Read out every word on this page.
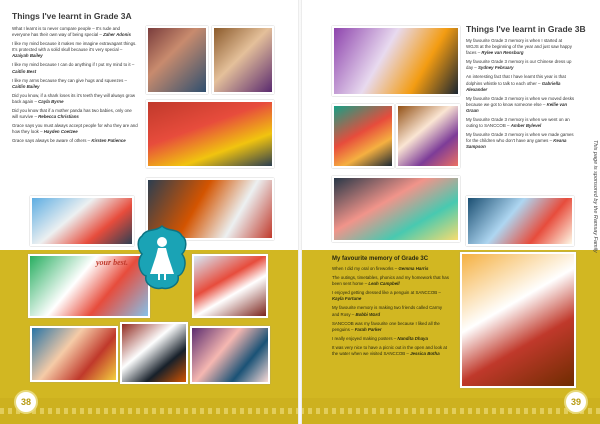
Things I've learnt in Grade 3A

What I learnt is to never compare people – It's rude and everyone has their own way of being special – Zaher Adonis

I like my mind because it makes me imagine extravagant things. It's protected with a solid skull because it's very special – Azaiyah Bailey

I like my mind because I can do anything if I put my mind to it – Caitlin Best

I like my arms because they can give hugs and squeezes – Caitlin Bailey

Did you know, if a shark loses its it's teeth they will always grow back again – Cayla Byrne

Did you know that if a mother panda has two babies, only one will survive – Rebecca Christians

Grace says you must always accept people for who they are and how they look – Hayden Coetzee

Grace says always be aware of others – Kirsten Patience

your best.
38
Things I've learnt in Grade 3B

My favourite Grade 3 memory is when I started at WGJS at the beginning of the year and just saw happy faces – Rylee van Rensburg

My favourite Grade 3 memory is our Chinese dress up day – Sydney February

An interesting fact that I have learnt this year is that dolphins whistle to talk to each other – Gabriella Alexander

My favourite Grade 3 memory is when we moved desks because we got to know someone else – Kellie van Graan

My favourite Grade 3 memory is when we went on an outing to SANCCOB – Amber Bylevel

My favourite Grade 3 memory is when we made games for the children who don't have any games – Keana Sampson

My favourite memory of Grade 3C

When I did my oral on fireworks – Gemma Harris

The outings, timetables, phonics and my homework that has been sent home – Leah Campbell

I enjoyed getting dressed like a penguin at SANCCOB – Kayla Fortune

My favourite memory is making two friends called Carmy and Rosy – Bobbi Ward

SANCCOB was my favourite one because I liked all the penguins – Farah Parker

I really enjoyed making posters – Nandita Dhaya

It was very nice to have a picnic out in the open and look at the water when we visited SANCCOB – Jessica Botha

This page is sponsored by the Ramsay Family
39
